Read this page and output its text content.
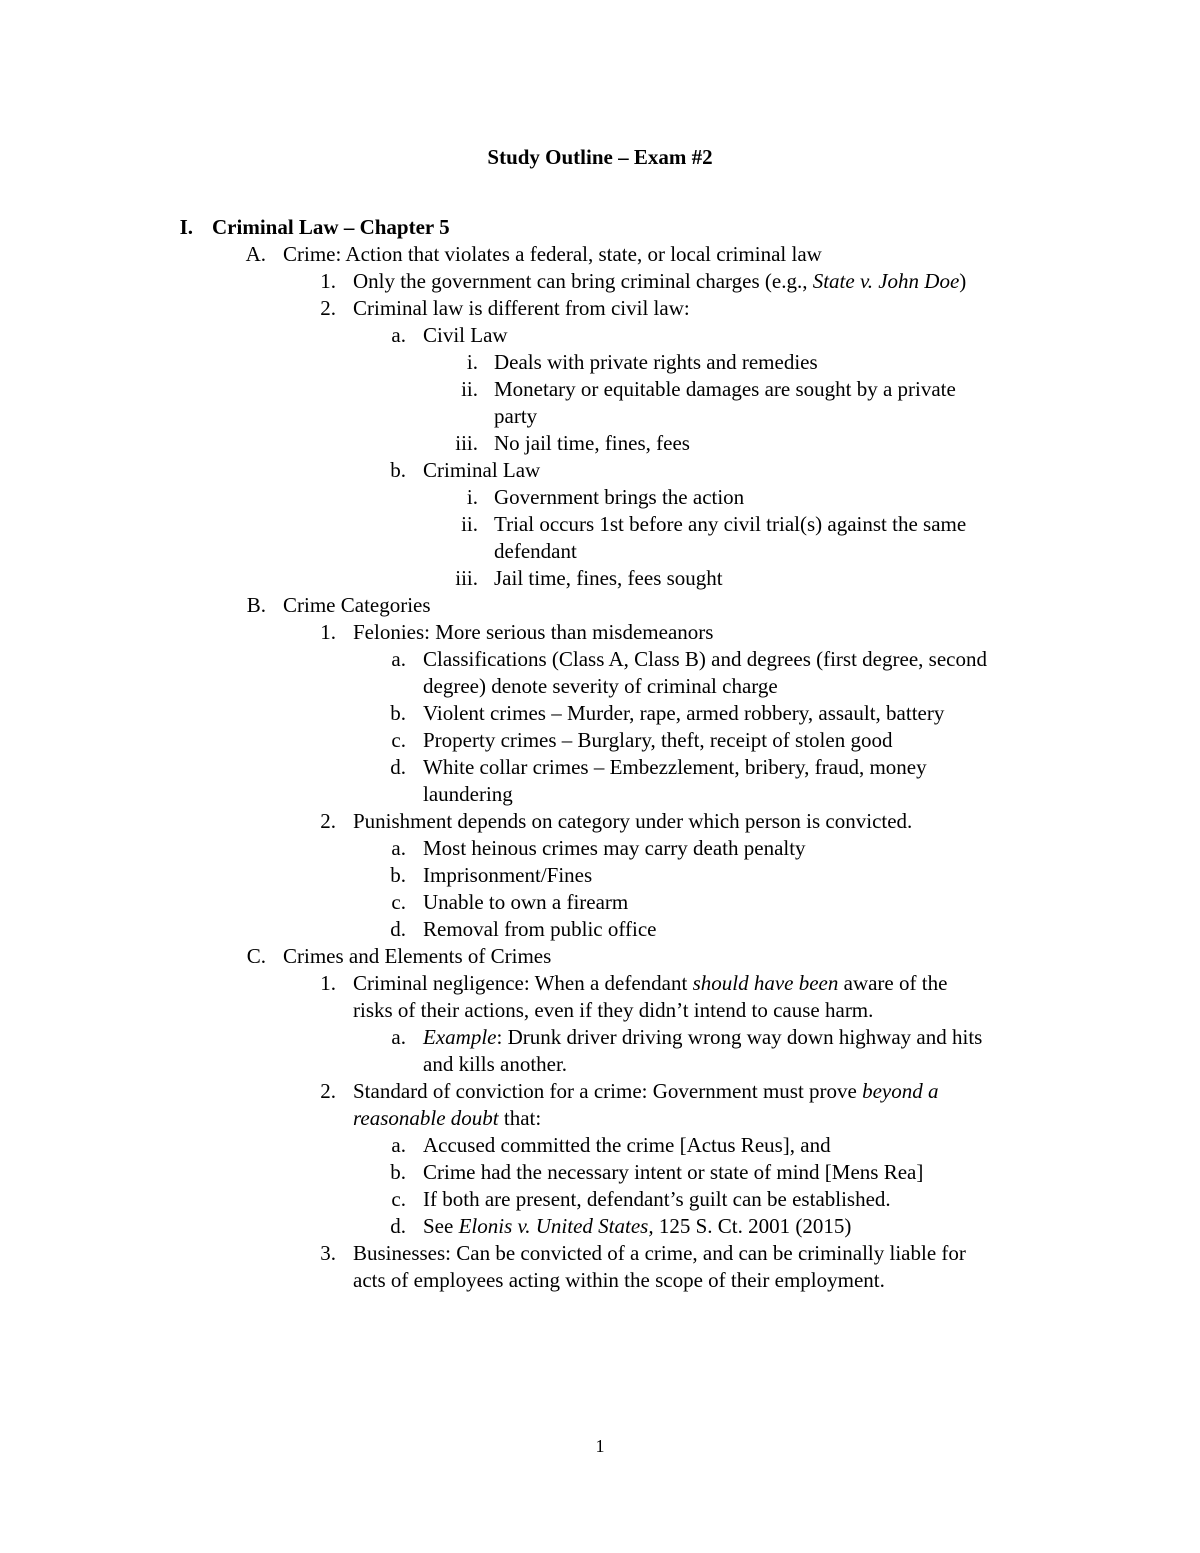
Study Outline – Exam #2
I. Criminal Law – Chapter 5
A. Crime: Action that violates a federal, state, or local criminal law
1. Only the government can bring criminal charges (e.g., State v. John Doe)
2. Criminal law is different from civil law:
a. Civil Law
i. Deals with private rights and remedies
ii. Monetary or equitable damages are sought by a private
party
iii. No jail time, fines, fees
b. Criminal Law
i. Government brings the action
ii. Trial occurs 1st before any civil trial(s) against the same
defendant
iii. Jail time, fines, fees sought
B. Crime Categories
1. Felonies: More serious than misdemeanors
a. Classifications (Class A, Class B) and degrees (first degree, second
degree) denote severity of criminal charge
b. Violent crimes – Murder, rape, armed robbery, assault, battery
c. Property crimes – Burglary, theft, receipt of stolen good
d. White collar crimes – Embezzlement, bribery, fraud, money
laundering
2. Punishment depends on category under which person is convicted.
a. Most heinous crimes may carry death penalty
b. Imprisonment/Fines
c. Unable to own a firearm
d. Removal from public office
C. Crimes and Elements of Crimes
1. Criminal negligence: When a defendant should have been aware of the
risks of their actions, even if they didn’t intend to cause harm.
a. Example: Drunk driver driving wrong way down highway and hits
and kills another.
2. Standard of conviction for a crime: Government must prove beyond a
reasonable doubt that:
a. Accused committed the crime [Actus Reus], and
b. Crime had the necessary intent or state of mind [Mens Rea]
c. If both are present, defendant’s guilt can be established.
d. See Elonis v. United States, 125 S. Ct. 2001 (2015)
3. Businesses: Can be convicted of a crime, and can be criminally liable for
acts of employees acting within the scope of their employment.
1
